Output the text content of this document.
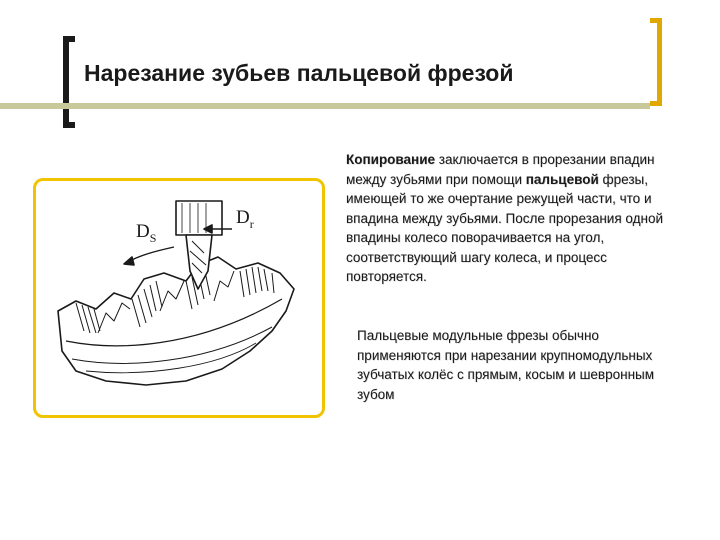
Нарезание зубьев пальцевой фрезой
$D_S$
$D_r$

Копирование заключается в прорезании впадин между зубьями при помощи пальцевой фрезы, имеющей то же очертание режущей части, что и впадина между зубьями. После прорезания одной впадины колесо поворачивается на угол, соответствующий шагу колеса, и процесс повторяется.

Пальцевые модульные фрезы обычно применяются при нарезании крупномодульных зубчатых колёс с прямым, косым и шевронным зубом
